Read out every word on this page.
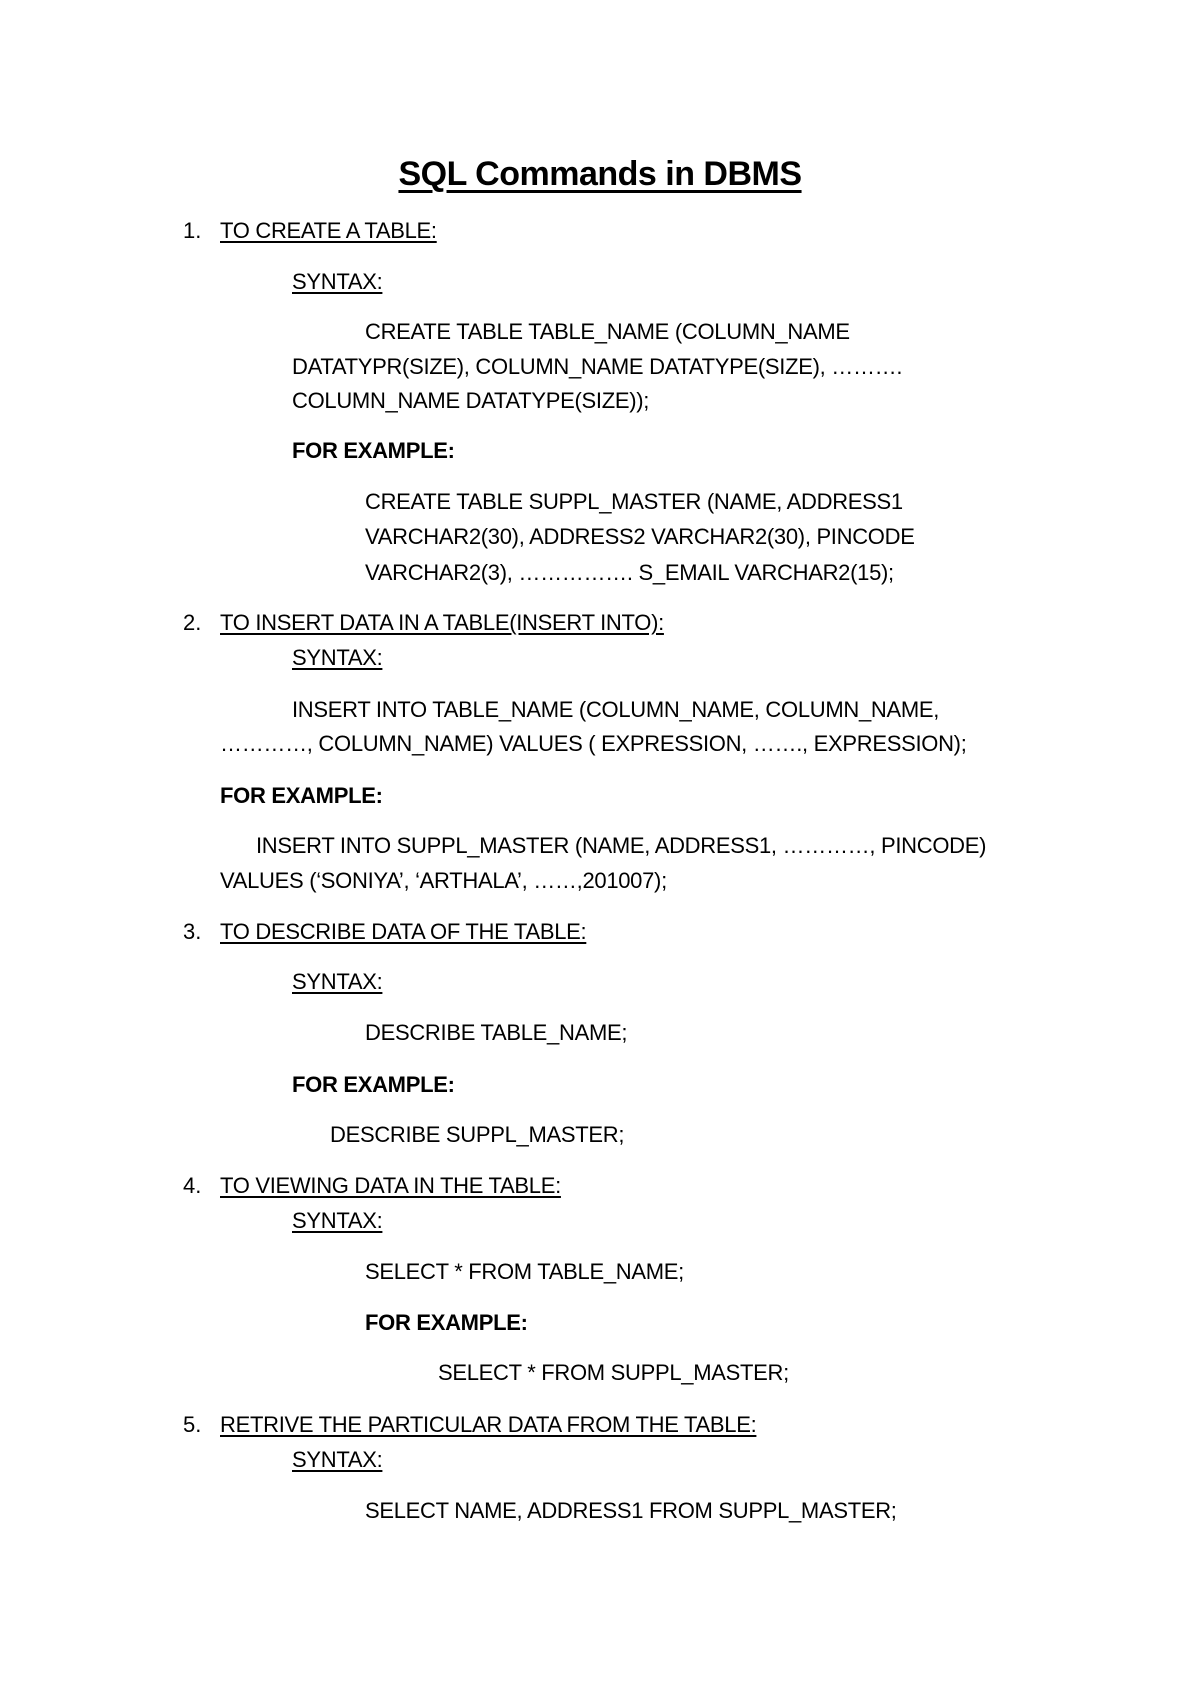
SQL Commands in DBMS
1. TO CREATE A TABLE:
SYNTAX:
CREATE TABLE TABLE_NAME (COLUMN_NAME
DATATYPR(SIZE), COLUMN_NAME DATATYPE(SIZE), ……….
COLUMN_NAME DATATYPE(SIZE));
FOR EXAMPLE:
CREATE TABLE SUPPL_MASTER (NAME, ADDRESS1
VARCHAR2(30), ADDRESS2 VARCHAR2(30), PINCODE
VARCHAR2(3), ……………. S_EMAIL VARCHAR2(15);
2. TO INSERT DATA IN A TABLE(INSERT INTO):
SYNTAX:
INSERT INTO TABLE_NAME (COLUMN_NAME, COLUMN_NAME,
…………, COLUMN_NAME) VALUES ( EXPRESSION, ……., EXPRESSION);
FOR EXAMPLE:
INSERT INTO SUPPL_MASTER (NAME, ADDRESS1, …………, PINCODE)
VALUES (‘SONIYA’, ‘ARTHALA’, ……,201007);
3. TO DESCRIBE DATA OF THE TABLE:
SYNTAX:
DESCRIBE TABLE_NAME;
FOR EXAMPLE:
DESCRIBE SUPPL_MASTER;
4. TO VIEWING DATA IN THE TABLE:
SYNTAX:
SELECT * FROM TABLE_NAME;
FOR EXAMPLE:
SELECT * FROM SUPPL_MASTER;
5. RETRIVE THE PARTICULAR DATA FROM THE TABLE:
SYNTAX:
SELECT NAME, ADDRESS1 FROM SUPPL_MASTER;
